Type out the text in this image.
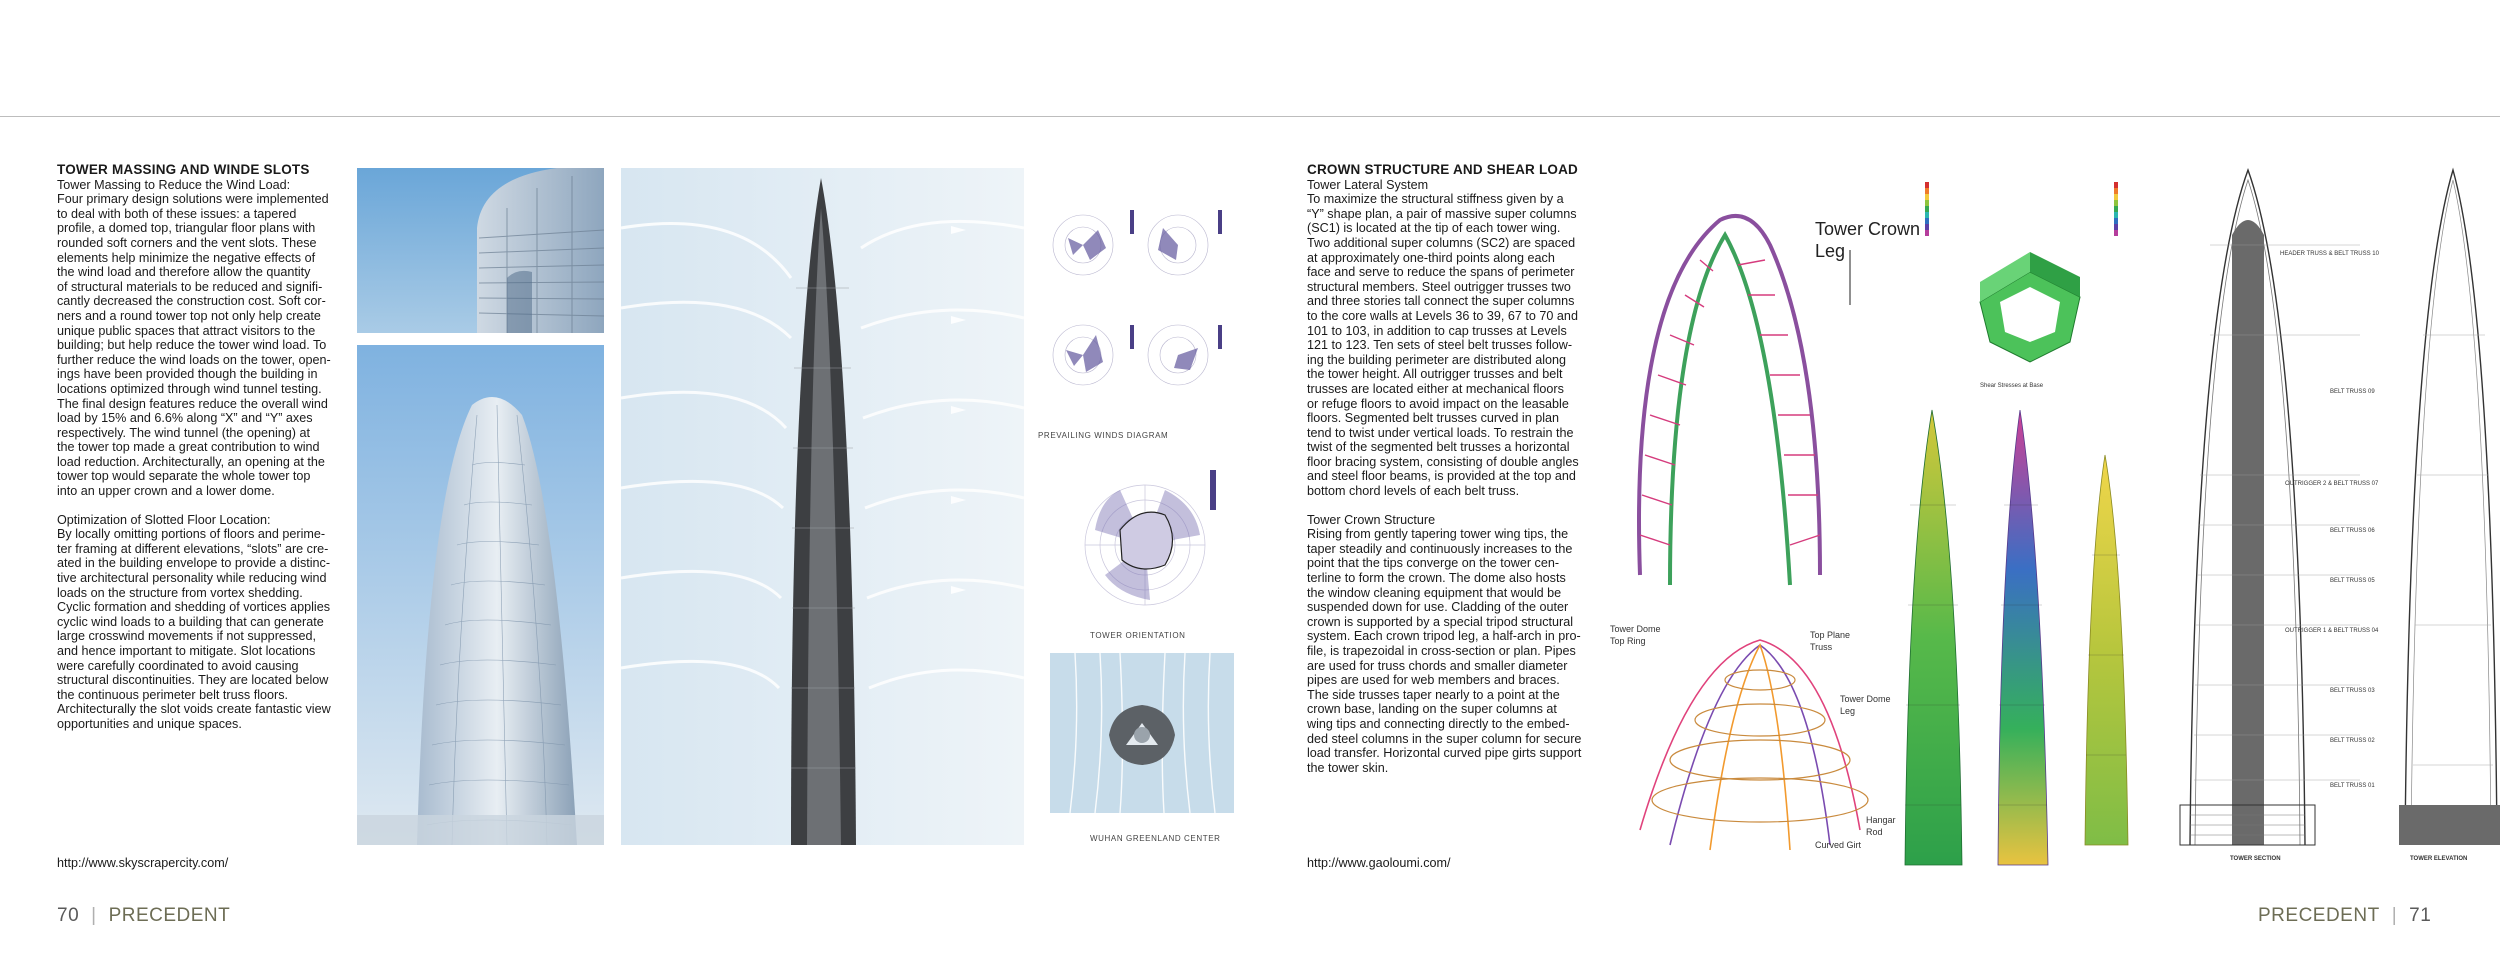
TOWER MASSING AND WINDE SLOTS
Tower Massing to Reduce the Wind Load:

Four primary design solutions were implemented
to deal with both of these issues: a tapered
profile, a domed top, triangular floor plans with
rounded soft corners and the vent slots. These
elements help minimize the negative effects of
the wind load and therefore allow the quantity
of structural materials to be reduced and signifi-
cantly decreased the construction cost. Soft cor-
ners and a round tower top not only help create
unique public spaces that attract visitors to the
building; but help reduce the tower wind load. To
further reduce the wind loads on the tower, open-
ings have been provided though the building in
locations optimized through wind tunnel testing.
The final design features reduce the overall wind
load by 15% and 6.6% along “X” and “Y” axes
respectively. The wind tunnel (the opening) at
the tower top made a great contribution to wind
load reduction. Architecturally, an opening at the
tower top would separate the whole tower top
into an upper crown and a lower dome.

Optimization of Slotted Floor Location:

By locally omitting portions of floors and perime-
ter framing at different elevations, “slots” are cre-
ated in the building envelope to provide a distinc-
tive architectural personality while reducing wind
loads on the structure from vortex shedding.
Cyclic formation and shedding of vortices applies
cyclic wind loads to a building that can generate
large crosswind movements if not suppressed,
and hence important to mitigate. Slot locations
were carefully coordinated to avoid causing
structural discontinuities. They are located below
the continuous perimeter belt truss floors.
Architecturally the slot voids create fantastic view
opportunities and unique spaces.

http://www.skyscrapercity.com/
PREVAILING WINDS DIAGRAM
TOWER ORIENTATION
WUHAN GREENLAND CENTER
70 | PRECEDENT
CROWN STRUCTURE AND SHEAR LOAD
Tower Lateral System

To maximize the structural stiffness given by a
“Y” shape plan, a pair of massive super columns
(SC1) is located at the tip of each tower wing.
Two additional super columns (SC2) are spaced
at approximately one-third points along each
face and serve to reduce the spans of perimeter
structural members. Steel outrigger trusses two
and three stories tall connect the super columns
to the core walls at Levels 36 to 39, 67 to 70 and
101 to 103, in addition to cap trusses at Levels
121 to 123. Ten sets of steel belt trusses follow-
ing the building perimeter are distributed along
the tower height. All outrigger trusses and belt
trusses are located either at mechanical floors
or refuge floors to avoid impact on the leasable
floors. Segmented belt trusses curved in plan
tend to twist under vertical loads. To restrain the
twist of the segmented belt trusses a horizontal
floor bracing system, consisting of double angles
and steel floor beams, is provided at the top and
bottom chord levels of each belt truss.

Tower Crown Structure

Rising from gently tapering tower wing tips, the
taper steadily and continuously increases to the
point that the tips converge on the tower cen-
terline to form the crown. The dome also hosts
the window cleaning equipment that would be
suspended down for use. Cladding of the outer
crown is supported by a special tripod structural
system. Each crown tripod leg, a half-arch in pro-
file, is trapezoidal in cross-section or plan. Pipes
are used for truss chords and smaller diameter
pipes are used for web members and braces.
The side trusses taper nearly to a point at the
crown base, landing on the super columns at
wing tips and connecting directly to the embed-
ded steel columns in the super column for secure
load transfer. Horizontal curved pipe girts support
the tower skin.

http://www.gaoloumi.com/
Tower Crown Leg
Tower Dome Top Ring
Top Plane Truss
Tower Dome Leg
Hangar Rod
Curved Girt
Shear Stresses at Base
HEADER TRUSS & BELT TRUSS 10
BELT TRUSS 09
OUTRIGGER 2 & BELT TRUSS 07
BELT TRUSS 06
BELT TRUSS 05
OUTRIGGER 1 & BELT TRUSS 04
BELT TRUSS 03
BELT TRUSS 02
BELT TRUSS 01
TOWER SECTION	TOWER ELEVATION
PRECEDENT | 71
